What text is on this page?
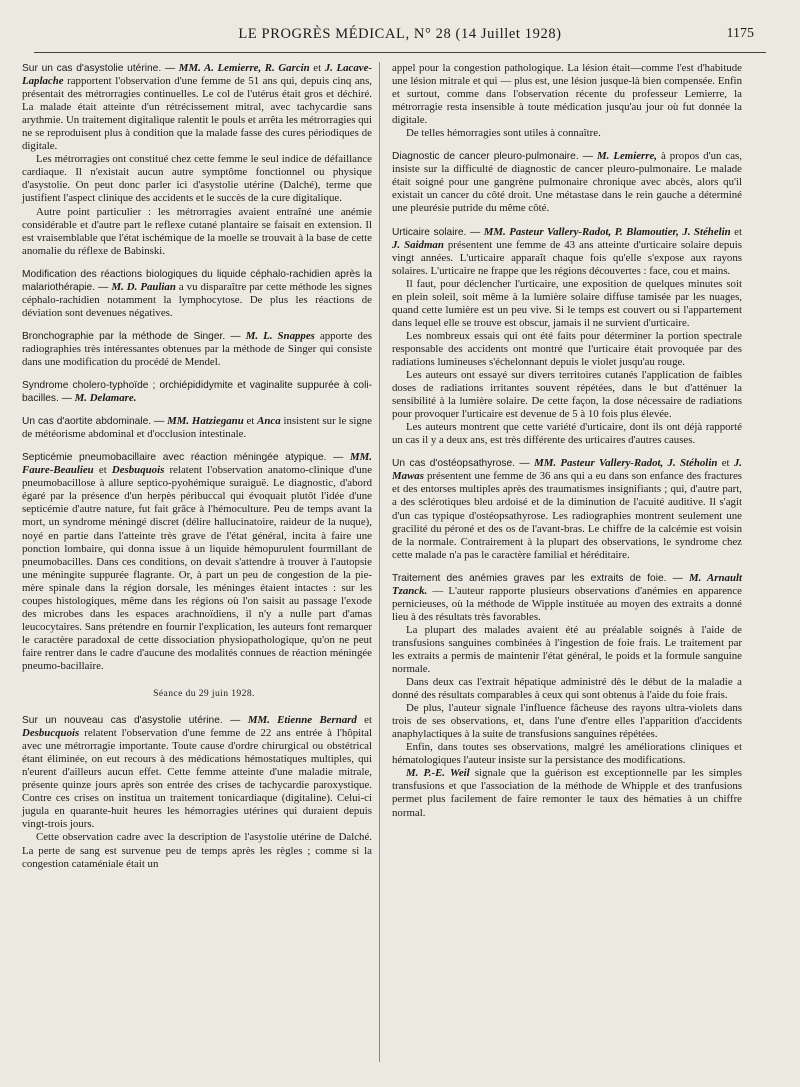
LE PROGRÈS MÉDICAL, N° 28 (14 Juillet 1928)	1175

Sur un cas d'asystolie utérine. — MM. A. Lemierre, R. Garcin et J. Lacave-Laplache rapportent l'observation d'une femme de 51 ans qui, depuis cinq ans, présentait des métrorragies continuelles. Le col de l'utérus était gros et déchiré. La malade était atteinte d'un rétrécissement mitral, avec tachycardie sans arythmie. Un traitement digitalique ralentit le pouls et arrêta les métrorragies qui ne se reproduisent plus à condition que la malade fasse des cures périodiques de digitale.

Les métrorragies ont constitué chez cette femme le seul indice de défaillance cardiaque. Il n'existait aucun autre symptôme fonctionnel ou physique d'asystolie. On peut donc parler ici d'asystolie utérine (Dalché), terme que justifient l'aspect clinique des accidents et le succès de la cure digitalique.

Autre point particulier : les métrorragies avaient entraîné une anémie considérable et d'autre part le reflexe cutané plantaire se faisait en extension. Il est vraisemblable que l'état ischémique de la moelle se trouvait à la base de cette anomalie du réflexe de Babinski.

Modification des réactions biologiques du liquide céphalo-rachidien après la malariothérapie. — M. D. Paulian a vu disparaître par cette méthode les signes céphalo-rachidien notamment la lymphocytose. De plus les réactions de déviation sont devenues négatives.

Bronchographie par la méthode de Singer. — M. L. Snappes apporte des radiographies très intéressantes obtenues par la méthode de Singer qui consiste dans une modification du procédé de Mendel.

Syndrome cholero-typhoïde ; orchiépididymite et vaginalite suppurée à coli-bacilles. — M. Delamare.

Un cas d'aortite abdominale. — MM. Hatzieganu et Anca insistent sur le signe de météorisme abdominal et d'occlusion intestinale.

Septicémie pneumobacillaire avec réaction méningée atypique. — MM. Faure-Beaulieu et Desbuquois relatent l'observation anatomo-clinique d'une pneumobacillose à allure septico-pyohémique suraiguë. Le diagnostic, d'abord égaré par la présence d'un herpès péribuccal qui évoquait plutôt l'idée d'une septicémie d'autre nature, fut fait grâce à l'hémoculture. Peu de temps avant la mort, un syndrome méningé discret (délire hallucinatoire, raideur de la nuque), noyé en partie dans l'atteinte très grave de l'état général, incita à faire une ponction lombaire, qui donna issue à un liquide hémopurulent fourmillant de pneumobacilles. Dans ces conditions, on devait s'attendre à trouver à l'autopsie une méningite suppurée flagrante. Or, à part un peu de congestion de la pie-mère spinale dans la région dorsale, les méninges étaient intactes : sur les coupes histologiques, même dans les régions où l'on saisit au passage l'exode des microbes dans les espaces arachnoïdiens, il n'y a nulle part d'amas leucocytaires. Sans prétendre en fournir l'explication, les auteurs font remarquer le caractère paradoxal de cette dissociation physiopathologique, qu'on ne peut faire rentrer dans le cadre d'aucune des modalités connues de réaction méningée pneumo-bacillaire.

Séance du 29 juin 1928.

Sur un nouveau cas d'asystolie utérine. — MM. Etienne Bernard et Desbucquois relatent l'observation d'une femme de 22 ans entrée à l'hôpital avec une métrorragie importante. Toute cause d'ordre chirurgical ou obstétrical étant éliminée, on eut recours à des médications hémostatiques multiples, qui n'eurent d'ailleurs aucun effet. Cette femme atteinte d'une maladie mitrale, présente quinze jours après son entrée des crises de tachycardie paroxystique. Contre ces crises on institua un traitement tonicardiaque (digitaline). Celui-ci jugula en quarante-huit heures les hémorragies utérines qui duraient depuis vingt-trois jours.

Cette observation cadre avec la description de l'asystolie utérine de Dalché. La perte de sang est survenue peu de temps après les règles ; comme si la congestion cataméniale était un

appel pour la congestion pathologique. La lésion était—comme l'est d'habitude une lésion mitrale et qui — plus est, une lésion jusque-là bien compensée. Enfin et surtout, comme dans l'observation récente du professeur Lemierre, la métrorragie resta insensible à toute médication jusqu'au jour où fut donnée la digitale.

De telles hémorragies sont utiles à connaître.

Diagnostic de cancer pleuro-pulmonaire. — M. Lemierre, à propos d'un cas, insiste sur la difficulté de diagnostic de cancer pleuro-pulmonaire. Le malade était soigné pour une gangrène pulmonaire chronique avec abcès, alors qu'il existait un cancer du côté droit. Une métastase dans le rein gauche a déterminé une pleurésie putride du même côté.

Urticaire solaire. — MM. Pasteur Vallery-Radot, P. Blamoutier, J. Stéhelin et J. Saidman présentent une femme de 43 ans atteinte d'urticaire solaire depuis vingt années. L'urticaire apparaît chaque fois qu'elle s'expose aux rayons solaires. L'urticaire ne frappe que les régions découvertes : face, cou et mains.

Il faut, pour déclencher l'urticaire, une exposition de quelques minutes soit en plein soleil, soit même à la lumière solaire diffuse tamisée par les nuages, quand cette lumière est un peu vive. Si le temps est couvert ou si l'appartement dans lequel elle se trouve est obscur, jamais il ne survient d'urticaire.

Les nombreux essais qui ont été faits pour déterminer la portion spectrale responsable des accidents ont montré que l'urticaire était provoquée par des radiations lumineuses s'échelonnant depuis le violet jusqu'au rouge.

Les auteurs ont essayé sur divers territoires cutanés l'application de faibles doses de radiations irritantes souvent répétées, dans le but d'atténuer la sensibilité à la lumière solaire. De cette façon, la dose nécessaire de radiations pour provoquer l'urticaire est devenue de 5 à 10 fois plus élevée.

Les auteurs montrent que cette variété d'urticaire, dont ils ont déjà rapporté un cas il y a deux ans, est très différente des urticaires d'autres causes.

Un cas d'ostéopsathyrose. — MM. Pasteur Vallery-Radot, J. Stéholin et J. Mawas présentent une femme de 36 ans qui a eu dans son enfance des fractures et des entorses multiples après des traumatismes insignifiants ; qui, d'autre part, a des sclérotiques bleu ardoisé et de la diminution de l'acuité auditive. Il s'agit d'un cas typique d'ostéopsathyrose. Les radiographies montrent seulement une gracilité du péroné et des os de l'avant-bras. Le chiffre de la calcémie est voisin de la normale. Contrairement à la plupart des observations, le syndrome chez cette malade n'a pas le caractère familial et héréditaire.

Traitement des anémies graves par les extraits de foie. — M. Arnault Tzanck. — L'auteur rapporte plusieurs observations d'anémies en apparence pernicieuses, où la méthode de Wipple instituée au moyen des extraits a donné lieu à des résultats très favorables.

La plupart des malades avaient été au préalable soignés à l'aide de transfusions sanguines combinées à l'ingestion de foie frais. Le traitement par les extraits a permis de maintenir l'état général, le poids et la formule sanguine normale.

Dans deux cas l'extrait hépatique administré dès le début de la maladie a donné des résultats comparables à ceux qui sont obtenus à l'aide du foie frais.

De plus, l'auteur signale l'influence fâcheuse des rayons ultra-violets dans trois de ses observations, et, dans l'une d'entre elles l'apparition d'accidents anaphylactiques à la suite de transfusions sanguines répétées.

Enfin, dans toutes ses observations, malgré les améliorations cliniques et hématologiques l'auteur insiste sur la persistance des modifications.

M. P.-E. Weil signale que la guérison est exceptionnelle par les simples transfusions et que l'association de la méthode de Whipple et des tranfusions permet plus facilement de faire remonter le taux des hématies à un chiffre normal.
